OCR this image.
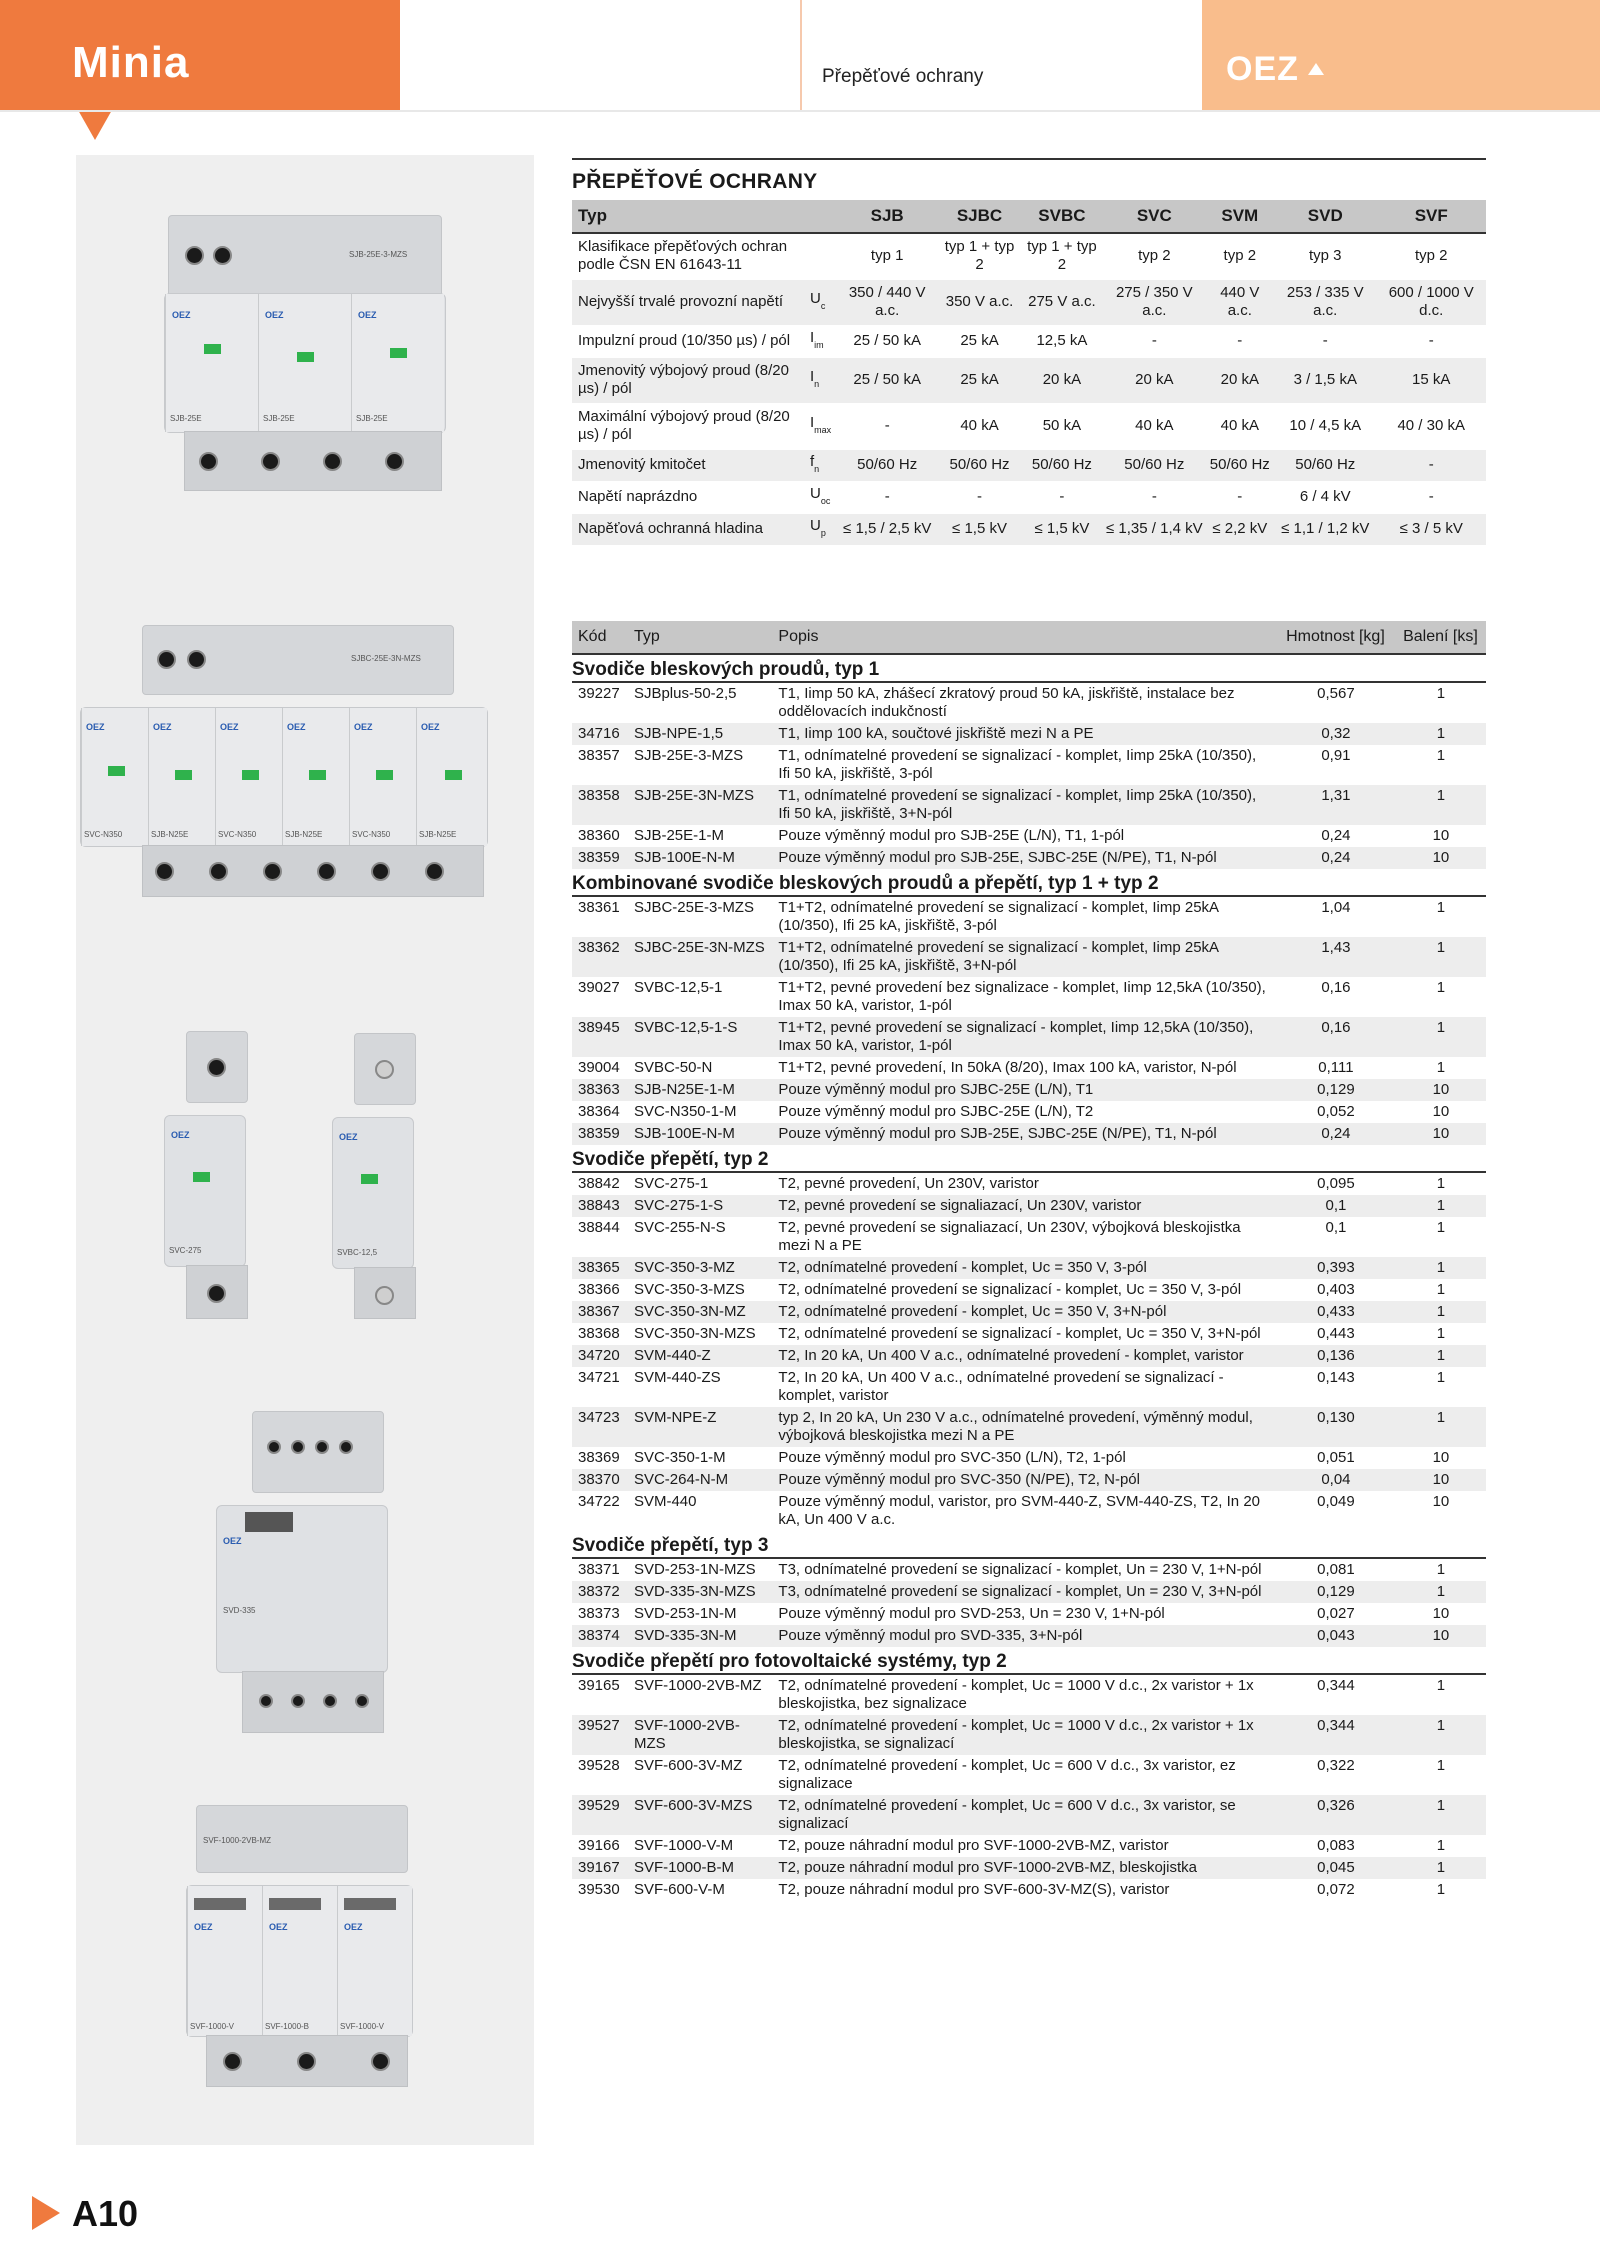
Minia	Přepěťové ochrany	OEZ
SJB-25E-3-MZS
OEZ
SJB-25E
OEZ
SJB-25E
OEZ
SJB-25E
SJBC-25E-3N-MZS
OEZ
SVC-N350
OEZ
SJB-N25E
OEZ
SVC-N350
OEZ
SJB-N25E
OEZ
SVC-N350
OEZ
SJB-N25E
OEZ
SVC-275
OEZ
SVBC-12,5
OEZ
SVD-335
SVF-1000-2VB-MZ
OEZ
SVF-1000-V
OEZ
SVF-1000-B
OEZ
SVF-1000-V
PŘEPĚŤOVÉ OCHRANY
Typ		SJB	SJBC	SVBC	SVC	SVM	SVD	SVF
Klasifikace přepěťových ochran podle ČSN EN 61643-11		typ 1	typ 1 + typ 2	typ 1 + typ 2	typ 2	typ 2	typ 3	typ 2
Nejvyšší trvalé provozní napětí	$U_c$	350 / 440 V a.c.	350 V a.c.	275 V a.c.	275 / 350 V a.c.	440 V a.c.	253 / 335 V a.c.	600 / 1000 V d.c.
Impulzní proud (10/350 µs) / pól	$I_{im}$	25 / 50 kA	25 kA	12,5 kA	-	-	-	-
Jmenovitý výbojový proud (8/20 µs) / pól	$I_n$	25 / 50 kA	25 kA	20 kA	20 kA	20 kA	3 / 1,5 kA	15 kA
Maximální výbojový proud (8/20 µs) / pól	$I_{max}$	-	40 kA	50 kA	40 kA	40 kA	10 / 4,5 kA	40 / 30 kA
Jmenovitý kmitočet	$f_n$	50/60 Hz	50/60 Hz	50/60 Hz	50/60 Hz	50/60 Hz	50/60 Hz	-
Napětí naprázdno	$U_{oc}$	-	-	-	-	-	6 / 4 kV	-
Napěťová ochranná hladina	$U_p$	≤ 1,5 / 2,5 kV	≤ 1,5 kV	≤ 1,5 kV	≤ 1,35 / 1,4 kV	≤ 2,2 kV	≤ 1,1 / 1,2 kV	≤ 3 / 5 kV
Kód	Typ	Popis	Hmotnost [kg]	Balení [ks]
Svodiče bleskových proudů, typ 1				
39227	SJBplus-50-2,5	T1, Iimp 50 kA, zhášecí zkratový proud 50 kA, jiskřiště, instalace bez oddělovacích indukčností	0,567	1
34716	SJB-NPE-1,5	T1, Iimp 100 kA, součtové jiskřiště mezi N a PE	0,32	1
38357	SJB-25E-3-MZS	T1, odnímatelné provedení se signalizací - komplet, Iimp 25kA (10/350), Ifi 50 kA, jiskřiště, 3-pól	0,91	1
38358	SJB-25E-3N-MZS	T1, odnímatelné provedení se signalizací - komplet, Iimp 25kA (10/350), Ifi 50 kA, jiskřiště, 3+N-pól	1,31	1
38360	SJB-25E-1-M	Pouze výměnný modul pro SJB-25E (L/N), T1, 1-pól	0,24	10
38359	SJB-100E-N-M	Pouze výměnný modul pro SJB-25E, SJBC-25E (N/PE), T1, N-pól	0,24	10
Kombinované svodiče bleskových proudů a přepětí, typ 1 + typ 2				
38361	SJBC-25E-3-MZS	T1+T2, odnímatelné provedení se signalizací - komplet, Iimp 25kA (10/350), Ifi 25 kA, jiskřiště, 3-pól	1,04	1
38362	SJBC-25E-3N-MZS	T1+T2, odnímatelné provedení se signalizací - komplet, Iimp 25kA (10/350), Ifi 25 kA, jiskřiště, 3+N-pól	1,43	1
39027	SVBC-12,5-1	T1+T2, pevné provedení bez signalizace - komplet, Iimp 12,5kA (10/350), Imax 50 kA, varistor, 1-pól	0,16	1
38945	SVBC-12,5-1-S	T1+T2, pevné provedení se signalizací - komplet, Iimp 12,5kA (10/350), Imax 50 kA, varistor, 1-pól	0,16	1
39004	SVBC-50-N	T1+T2, pevné provedení, In 50kA (8/20), Imax 100 kA, varistor, N-pól	0,111	1
38363	SJB-N25E-1-M	Pouze výměnný modul pro SJBC-25E (L/N), T1	0,129	10
38364	SVC-N350-1-M	Pouze výměnný modul pro SJBC-25E (L/N), T2	0,052	10
38359	SJB-100E-N-M	Pouze výměnný modul pro SJB-25E, SJBC-25E (N/PE), T1, N-pól	0,24	10
Svodiče přepětí, typ 2				
38842	SVC-275-1	T2, pevné provedení, Un 230V, varistor	0,095	1
38843	SVC-275-1-S	T2, pevné provedení se signaliazací, Un 230V, varistor	0,1	1
38844	SVC-255-N-S	T2, pevné provedení se signaliazací, Un 230V, výbojková bleskojistka mezi N a PE	0,1	1
38365	SVC-350-3-MZ	T2, odnímatelné provedení - komplet, Uc = 350 V, 3-pól	0,393	1
38366	SVC-350-3-MZS	T2, odnímatelné provedení se signalizací - komplet, Uc = 350 V, 3-pól	0,403	1
38367	SVC-350-3N-MZ	T2, odnímatelné provedení - komplet, Uc = 350 V, 3+N-pól	0,433	1
38368	SVC-350-3N-MZS	T2, odnímatelné provedení se signalizací - komplet, Uc = 350 V, 3+N-pól	0,443	1
34720	SVM-440-Z	T2, In 20 kA, Un 400 V a.c., odnímatelné provedení - komplet, varistor	0,136	1
34721	SVM-440-ZS	T2, In 20 kA, Un 400 V a.c., odnímatelné provedení se signalizací - komplet, varistor	0,143	1
34723	SVM-NPE-Z	typ 2, In 20 kA, Un 230 V a.c., odnímatelné provedení, výměnný modul, výbojková bleskojistka mezi N a PE	0,130	1
38369	SVC-350-1-M	Pouze výměnný modul pro SVC-350 (L/N), T2, 1-pól	0,051	10
38370	SVC-264-N-M	Pouze výměnný modul pro SVC-350 (N/PE), T2, N-pól	0,04	10
34722	SVM-440	Pouze výměnný modul, varistor, pro SVM-440-Z, SVM-440-ZS, T2, In 20 kA, Un 400 V a.c.	0,049	10
Svodiče přepětí, typ 3				
38371	SVD-253-1N-MZS	T3, odnímatelné provedení se signalizací - komplet, Un = 230 V, 1+N-pól	0,081	1
38372	SVD-335-3N-MZS	T3, odnímatelné provedení se signalizací - komplet, Un = 230 V, 3+N-pól	0,129	1
38373	SVD-253-1N-M	Pouze výměnný modul pro SVD-253, Un = 230 V, 1+N-pól	0,027	10
38374	SVD-335-3N-M	Pouze výměnný modul pro SVD-335, 3+N-pól	0,043	10
Svodiče přepětí pro fotovoltaické systémy, typ 2				
39165	SVF-1000-2VB-MZ	T2, odnímatelné provedení - komplet, Uc = 1000 V d.c., 2x varistor + 1x bleskojistka, bez signalizace	0,344	1
39527	SVF-1000-2VB-MZS	T2, odnímatelné provedení - komplet, Uc = 1000 V d.c., 2x varistor + 1x bleskojistka, se signalizací	0,344	1
39528	SVF-600-3V-MZ	T2, odnímatelné provedení - komplet, Uc = 600 V d.c., 3x varistor, ez signalizace	0,322	1
39529	SVF-600-3V-MZS	T2, odnímatelné provedení - komplet, Uc = 600 V d.c., 3x varistor, se signalizací	0,326	1
39166	SVF-1000-V-M	T2, pouze náhradní modul pro SVF-1000-2VB-MZ, varistor	0,083	1
39167	SVF-1000-B-M	T2, pouze náhradní modul pro SVF-1000-2VB-MZ, bleskojistka	0,045	1
39530	SVF-600-V-M	T2, pouze náhradní modul pro SVF-600-3V-MZ(S), varistor	0,072	1
A10
